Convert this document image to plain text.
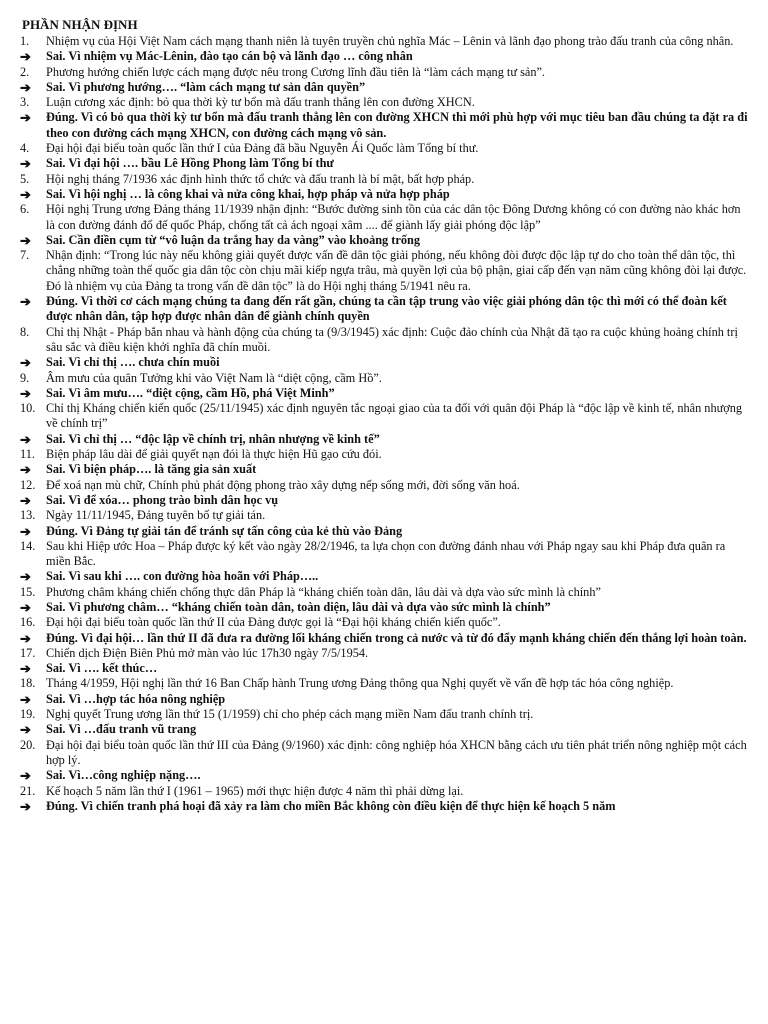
PHẦN NHẬN ĐỊNH
1.	Nhiệm vụ của Hội Việt Nam cách mạng thanh niên là tuyên truyền chủ nghĩa Mác – Lênin và lãnh đạo phong trào đấu tranh của công nhân.
➔	Sai. Vì nhiệm vụ Mác-Lênin, đào tạo cán bộ và lãnh đạo … công nhân
2.	Phương hướng chiến lược cách mạng được nêu trong Cương lĩnh đầu tiên là “làm cách mạng tư sản”.
➔	Sai. Vì phương hướng…. “làm cách mạng tư sản dân quyền”
3.	Luận cương xác định: bỏ qua thời kỳ tư bổn mà đấu tranh thẳng lên con đường XHCN.
➔	Đúng. Vì có bỏ qua thời kỳ tư bổn mà đấu tranh thẳng lên con đường XHCN thì mới phù hợp với mục tiêu ban đầu chúng ta đặt ra đi theo con đường cách mạng XHCN, con đường cách mạng vô sản.
4.	Đại hội đại biểu toàn quốc lần thứ I của Đảng đã bầu Nguyễn Ái Quốc làm Tổng bí thư.
➔	Sai. Vì đại hội …. bầu Lê Hồng Phong làm Tổng bí thư
5.	Hội nghị tháng 7/1936 xác định hình thức tổ chức và đấu tranh là bí mật, bất hợp pháp.
➔	Sai. Vì hội nghị … là công khai và nửa công khai, hợp pháp và nửa hợp pháp
6.	Hội nghị Trung ương Đảng tháng 11/1939 nhận định: “Bước đường sinh tồn của các dân tộc Đông Dương không có con đường nào khác hơn là con đường đánh đổ đế quốc Pháp, chống tất cả ách ngoại xâm .... để giành lấy giải phóng độc lập”
➔	Sai. Cần điền cụm từ “vô luận da trắng hay da vàng” vào khoảng trống
7.	Nhận định: “Trong lúc này nếu không giải quyết được vấn đề dân tộc giải phóng, nếu không đòi được độc lập tự do cho toàn thể dân tộc, thì chẳng những toàn thể quốc gia dân tộc còn chịu mãi kiếp ngựa trâu, mà quyền lợi của bộ phận, giai cấp đến vạn năm cũng không đòi lại được. Đó là nhiệm vụ của Đảng ta trong vấn đề dân tộc” là do Hội nghị tháng 5/1941 nêu ra.
➔	Đúng. Vì thời cơ cách mạng chúng ta đang đến rất gần, chúng ta cần tập trung vào việc giải phóng dân tộc thì mới có thể đoàn kết được nhân dân, tập hợp được nhân dân để giành chính quyền
8.	Chỉ thị Nhật - Pháp bắn nhau và hành động của chúng ta (9/3/1945) xác định: Cuộc đảo chính của Nhật đã tạo ra cuộc khủng hoảng chính trị sâu sắc và điều kiện khởi nghĩa đã chín muồi.
➔	Sai. Vì chỉ thị …. chưa chín muồi
9.	Âm mưu của quân Tưởng khi vào Việt Nam là “diệt cộng, cầm Hồ”.
➔	Sai. Vì âm mưu…. “diệt cộng, cầm Hồ, phá Việt Minh”
10. Chỉ thị Kháng chiến kiến quốc (25/11/1945) xác định nguyên tắc ngoại giao của ta đối với quân đội Pháp là “độc lập về kinh tế, nhân nhượng về chính trị”
➔	Sai. Vì chỉ thị … “độc lập về chính trị, nhân nhượng về kinh tế”
11. Biện pháp lâu dài để giải quyết nạn đói là thực hiện Hũ gạo cứu đói.
➔	Sai. Vì biện pháp…. là tăng gia sản xuất
12. Để xoá nạn mù chữ, Chính phủ phát động phong trào xây dựng nếp sống mới, đời sống văn hoá.
➔	Sai. Vì để xóa… phong trào bình dân học vụ
13. Ngày 11/11/1945, Đảng tuyên bố tự giải tán.
➔	Đúng. Vì Đảng tự giải tán để tránh sự tấn công của kẻ thù vào Đảng
14. Sau khi Hiệp ước Hoa – Pháp được ký kết vào ngày 28/2/1946, ta lựa chọn con đường đánh nhau với Pháp ngay sau khi Pháp đưa quân ra miền Bắc.
➔	Sai. Vì sau khi …. con đường hòa hoãn với Pháp…..
15. Phương châm kháng chiến chống thực dân Pháp là “kháng chiến toàn dân, lâu dài và dựa vào sức mình là chính”
➔	Sai. Vì phương châm… “kháng chiến toàn dân, toàn diện, lâu dài và dựa vào sức mình là chính”
16. Đại hội đại biểu toàn quốc lần thứ II của Đảng được gọi là “Đại hội kháng chiến kiến quốc”.
➔	Đúng. Vì đại hội… lần thứ II đã đưa ra đường lối kháng chiến trong cả nước và từ đó đẩy mạnh kháng chiến đến thắng lợi hoàn toàn.
17. Chiến dịch Điện Biên Phủ mở màn vào lúc 17h30 ngày 7/5/1954.
➔	Sai. Vì …. kết thúc…
18. Tháng 4/1959, Hội nghị lần thứ 16 Ban Chấp hành Trung ương Đảng thông qua Nghị quyết về vấn đề hợp tác hóa công nghiệp.
➔	Sai. Vì …hợp tác hóa nông nghiệp
19. Nghị quyết Trung ương lần thứ 15 (1/1959) chỉ cho phép cách mạng miền Nam đấu tranh chính trị.
➔	Sai. Vì …đấu tranh vũ trang
20. Đại hội đại biểu toàn quốc lần thứ III của Đảng (9/1960) xác định: công nghiệp hóa XHCN bằng cách ưu tiên phát triển nông nghiệp một cách hợp lý.
➔	Sai. Vì…công nghiệp nặng….
21. Kế hoạch 5 năm lần thứ I (1961 – 1965) mới thực hiện được 4 năm thì phải dừng lại.
➔	Đúng. Vì chiến tranh phá hoại đã xảy ra làm cho miền Bắc không còn điều kiện để thực hiện kế hoạch 5 năm
